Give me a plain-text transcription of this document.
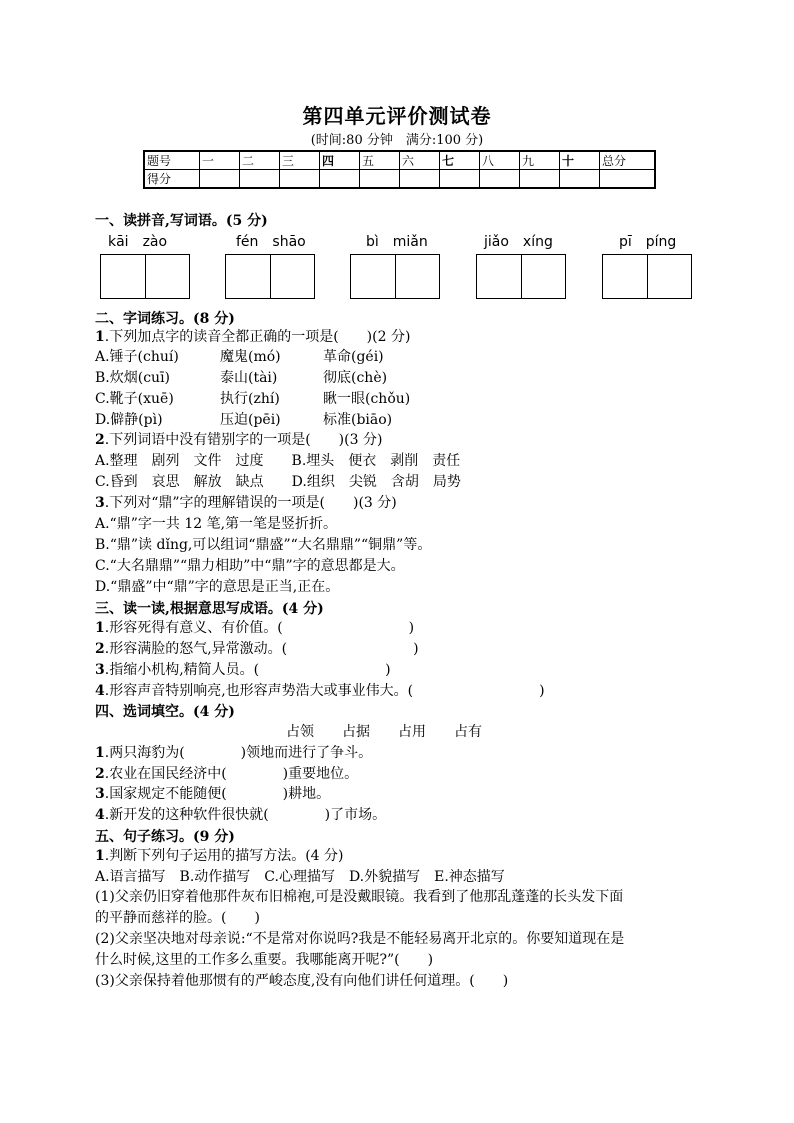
第四单元评价测试卷
(时间:80 分钟　满分:100 分)
题号	一	二	三	四	五	六	七	八	九	十	总分
得分											
一、读拼音,写词语。(5 分)
kāi　zào	fén　shāo	bì　miǎn	jiǎo　xíng	pī　píng
二、字词练习。(8 分)
1.下列加点字的读音全都正确的一项是(　　)(2 分)
A.锤子(chuí)	魔鬼(mó)	革命(géi)
B.炊烟(cuī)	泰山(tài)	彻底(chè)
C.靴子(xuē)	执行(zhí)	瞅一眼(chǒu)
D.僻静(pì)	压迫(pēi)	标准(biāo)
2.下列词语中没有错别字的一项是(　　)(3 分)
A.整理　剧列　文件　过度　　B.埋头　便衣　剥削　责任
C.昏到　哀思　解放　缺点　　D.组织　尖锐　含胡　局势
3.下列对“鼎”字的理解错误的一项是(　　)(3 分)
A.“鼎”字一共 12 笔,第一笔是竖折折。
B.“鼎”读 dǐng,可以组词“鼎盛”“大名鼎鼎”“铜鼎”等。
C.“大名鼎鼎”“鼎力相助”中“鼎”字的意思都是大。
D.“鼎盛”中“鼎”字的意思是正当,正在。
三、读一读,根据意思写成语。(4 分)
1.形容死得有意义、有价值。(　　　　　　　　　)
2.形容满脸的怒气,异常激动。(　　　　　　　　　)
3.指缩小机构,精简人员。(　　　　　　　　　)
4.形容声音特别响亮,也形容声势浩大或事业伟大。(　　　　　　　　　)
四、选词填空。(4 分)
占领　　占据　　占用　　占有
1.两只海豹为(　　　　)领地而进行了争斗。
2.农业在国民经济中(　　　　)重要地位。
3.国家规定不能随便(　　　　)耕地。
4.新开发的这种软件很快就(　　　　)了市场。
五、句子练习。(9 分)
1.判断下列句子运用的描写方法。(4 分)
A.语言描写　B.动作描写　C.心理描写　D.外貌描写　E.神态描写
(1)父亲仍旧穿着他那件灰布旧棉袍,可是没戴眼镜。我看到了他那乱蓬蓬的长头发下面
的平静而慈祥的脸。(　　)
(2)父亲坚决地对母亲说:“不是常对你说吗?我是不能轻易离开北京的。你要知道现在是
什么时候,这里的工作多么重要。我哪能离开呢?”(　　)
(3)父亲保持着他那惯有的严峻态度,没有向他们讲任何道理。(　　)
